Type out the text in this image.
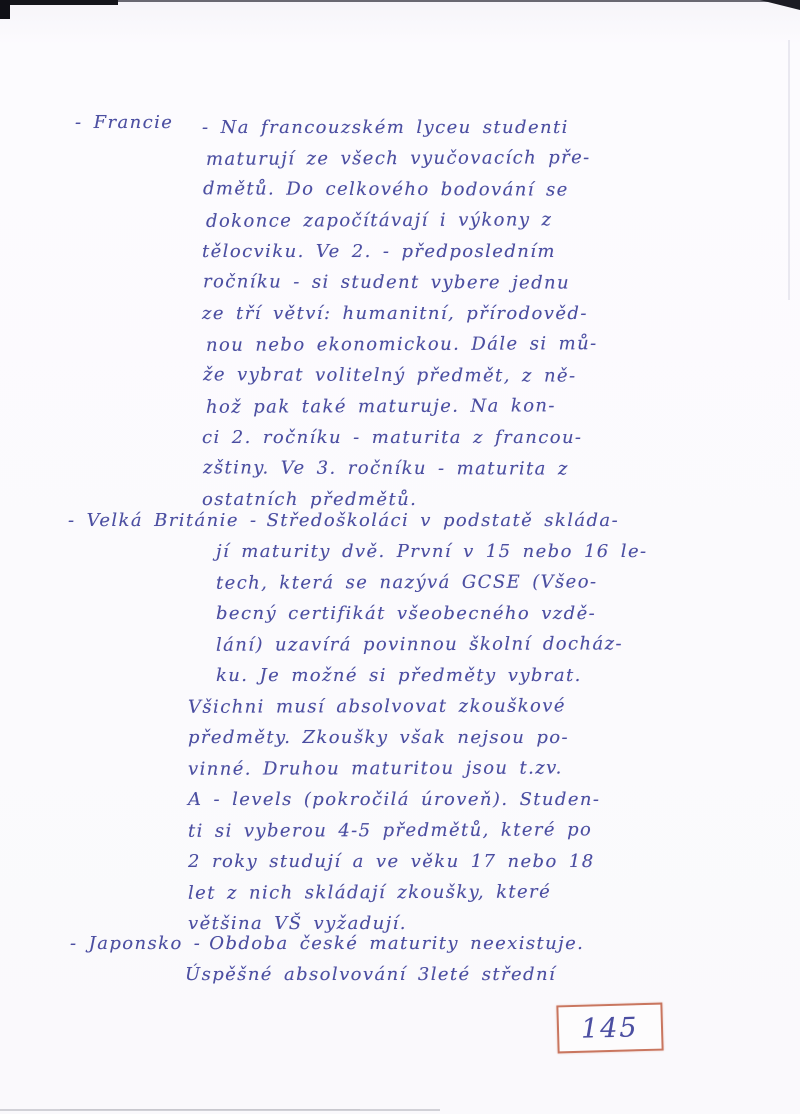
- Francie - Na francouzském lyceu studenti
maturují ze všech vyučovacích pře-
dmětů. Do celkového bodování se
dokonce započítávají i výkony z
tělocviku. Ve 2. - předposledním
ročníku - si student vybere jednu
ze tří větví: humanitní, přírodověd-
nou nebo ekonomickou. Dále si mů-
že vybrat volitelný předmět, z ně-
hož pak také maturuje. Na kon-
ci 2. ročníku - maturita z francou-
zštiny. Ve 3. ročníku - maturita z
ostatních předmětů.
- Velká Británie - Středoškoláci v podstatě skláda-
jí maturity dvě. První v 15 nebo 16 le-
tech, která se nazývá GCSE (Všeo-
becný certifikát všeobecného vzdě-
lání) uzavírá povinnou školní docház-
ku. Je možné si předměty vybrat.
Všichni musí absolvovat zkouškové
předměty. Zkoušky však nejsou po-
vinné. Druhou maturitou jsou t.zv.
A - levels (pokročilá úroveň). Studen-
ti si vyberou 4-5 předmětů, které po
2 roky studují a ve věku 17 nebo 18
let z nich skládají zkoušky, které
většina VŠ vyžadují.
- Japonsko - Obdoba české maturity neexistuje.
Úspěšné absolvování 3leté střední
145
